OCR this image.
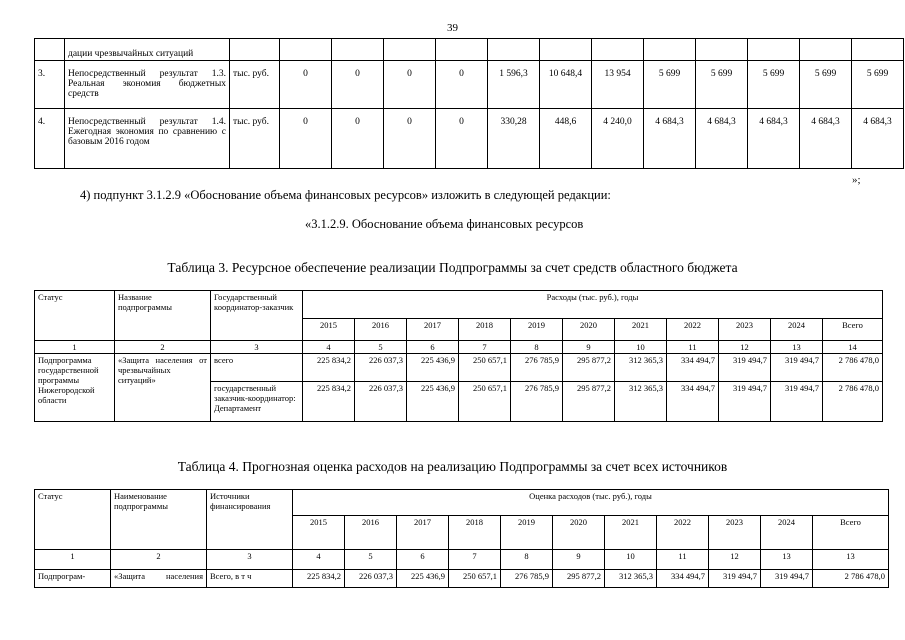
39
	дации чрезвычайных ситуаций													
3.	Непосредственный результат 1.3. Реальная экономия бюджетных средств	тыс. руб.	0	0	0	0	1 596,3	10 648,4	13 954	5 699	5 699	5 699	5 699	5 699
4.	Непосредственный результат 1.4. Ежегодная экономия по сравнению с базовым 2016 годом	тыс. руб.	0	0	0	0	330,28	448,6	4 240,0	4 684,3	4 684,3	4 684,3	4 684,3	4 684,3
»;
4) подпункт 3.1.2.9 «Обоснование объема финансовых ресурсов» изложить в следующей редакции:
«3.1.2.9. Обоснование объема финансовых ресурсов
Таблица 3. Ресурсное обеспечение реализации Подпрограммы за счет средств областного бюджета
Статус	Название подпрограммы	Государственный координатор-заказчик	Расходы (тыс. руб.), годы										
			2015	2016	2017	2018	2019	2020	2021	2022	2023	2024	Всего
1	2	3	4	5	6	7	8	9	10	11	12	13	14
Подпрограмма государственной программы Нижегородской области	«Защита населения от чрезвычайных ситуаций»	всего	225 834,2	226 037,3	225 436,9	250 657,1	276 785,9	295 877,2	312 365,3	334 494,7	319 494,7	319 494,7	2 786 478,0
		государственный заказчик-координатор: Департамент	225 834,2	226 037,3	225 436,9	250 657,1	276 785,9	295 877,2	312 365,3	334 494,7	319 494,7	319 494,7	2 786 478,0
Таблица 4. Прогнозная оценка расходов на реализацию Подпрограммы за счет всех источников
Статус	Наименование подпрограммы	Источники финансирования	Оценка расходов (тыс. руб.), годы										
			2015	2016	2017	2018	2019	2020	2021	2022	2023	2024	Всего
1	2	3	4	5	6	7	8	9	10	11	12	13	13
Подпрограм-	«Защита населения	Всего, в т ч	225 834,2	226 037,3	225 436,9	250 657,1	276 785,9	295 877,2	312 365,3	334 494,7	319 494,7	319 494,7	2 786 478,0
